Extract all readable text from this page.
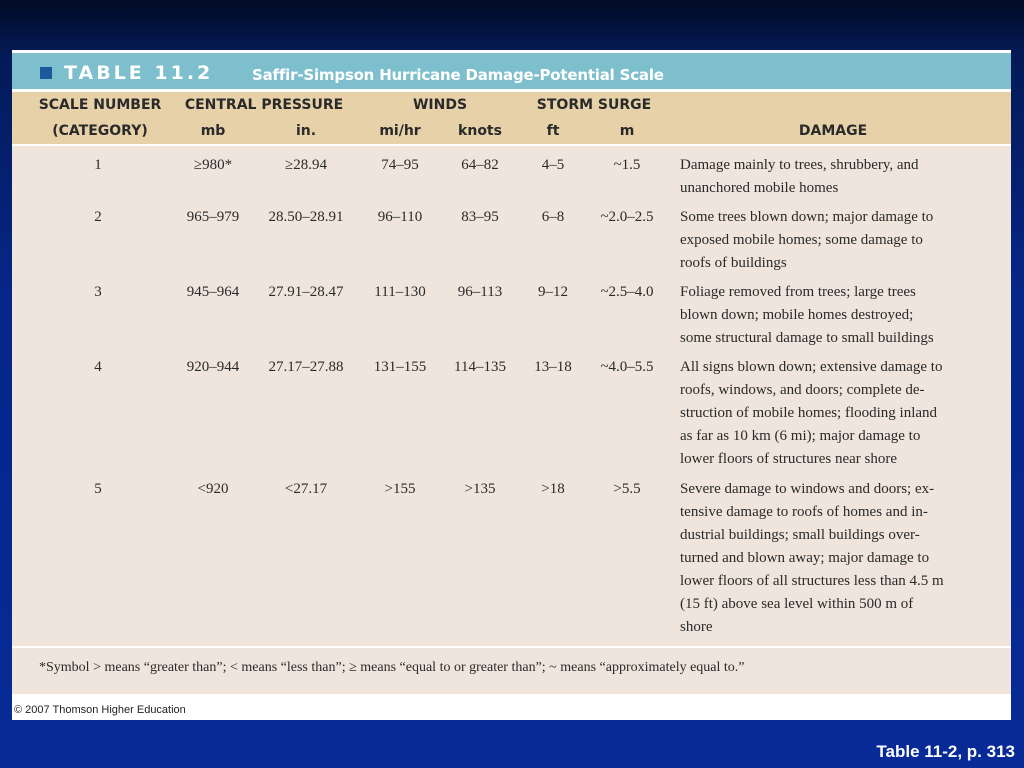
TABLE 11.2	Saffir-Simpson Hurricane Damage-Potential Scale
SCALE NUMBER
(CATEGORY)
CENTRAL PRESSURE
mb	in.
WINDS
mi/hr	knots
STORM SURGE
ft	m	DAMAGE
1	≥980*	≥28.94	74–95	64–82	4–5	~1.5	Damage mainly to trees, shrubbery, and
unanchored mobile homes
2	965–979 28.50–28.91 96–110	83–95	6–8 ~2.0–2.5 Some trees blown down; major damage to
exposed mobile homes; some damage to
roofs of buildings
3	945–964 27.91–28.47 111–130 96–113 9–12 ~2.5–4.0 Foliage removed from trees; large trees
blown down; mobile homes destroyed;
some structural damage to small buildings
4	920–944 27.17–27.88 131–155 114–135 13–18 ~4.0–5.5 All signs blown down; extensive damage to
roofs, windows, and doors; complete de-
struction of mobile homes; flooding inland
as far as 10 km (6 mi); major damage to
lower floors of structures near shore
5	<920	<27.17	>155	>135	>18	>5.5	Severe damage to windows and doors; ex-
tensive damage to roofs of homes and in-
dustrial buildings; small buildings over-
turned and blown away; major damage to
lower floors of all structures less than 4.5 m
(15 ft) above sea level within 500 m of
shore
*Symbol > means “greater than”; < means “less than”; ≥ means “equal to or greater than”; ~ means “approximately equal to.”
© 2007 Thomson Higher Education
Table 11-2, p. 313
